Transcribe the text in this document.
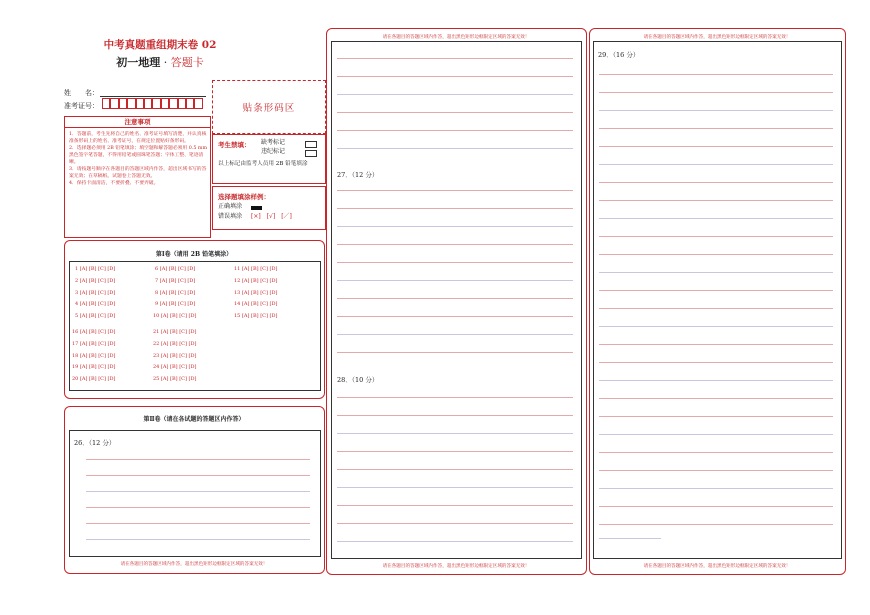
中考真题重组期末卷 02
初一地理 · 答题卡
姓　　名：
准考证号：	贴条形码区
注意事项
1．答题前，考生先将自己的姓名、准考证号填写清楚，并认真核准条形码上的姓名、准考证号，在规定位置贴好条形码。
2．选择题必须用 2B 铅笔填涂；填空题和解答题必须用 0.5 mm 黑色签字笔答题，不得用铅笔或圆珠笔答题；字体工整、笔迹清晰。
3．请按题号顺序在各题目的答题区域内作答，超出区域书写的答案无效；在草稿纸、试题卷上答题无效。
4．保持卡面清洁，不要折叠、不要弄破。
考生禁填： 缺考标记
违纪标记
以上标记由监考人员用 2B 铅笔填涂
选择题填涂样例：
正确填涂
错误填涂 [×]　[√]　[／]
第Ⅰ卷（请用 2B 铅笔填涂）
1 [A] [B] [C] [D]
2 [A] [B] [C] [D]
3 [A] [B] [C] [D]
4 [A] [B] [C] [D]
5 [A] [B] [C] [D]
6 [A] [B] [C] [D]
7 [A] [B] [C] [D]
8 [A] [B] [C] [D]
9 [A] [B] [C] [D]
10 [A] [B] [C] [D]
11 [A] [B] [C] [D]
12 [A] [B] [C] [D]
13 [A] [B] [C] [D]
14 [A] [B] [C] [D]
15 [A] [B] [C] [D]
16 [A] [B] [C] [D]
17 [A] [B] [C] [D]
18 [A] [B] [C] [D]
19 [A] [B] [C] [D]
20 [A] [B] [C] [D]
21 [A] [B] [C] [D]
22 [A] [B] [C] [D]
23 [A] [B] [C] [D]
24 [A] [B] [C] [D]
25 [A] [B] [C] [D]
第Ⅱ卷（请在各试题的答题区内作答）
26．（12 分）
请在各题目的答题区域内作答，超出黑色矩形边框限定区域的答案无效！
请在各题目的答题区域内作答，超出黑色矩形边框限定区域的答案无效！
请在各题目的答题区域内作答，超出黑色矩形边框限定区域的答案无效！
27．（12 分）
28．（10 分）
请在各题目的答题区域内作答，超出黑色矩形边框限定区域的答案无效！
29．（16 分）
请在各题目的答题区域内作答，超出黑色矩形边框限定区域的答案无效！
